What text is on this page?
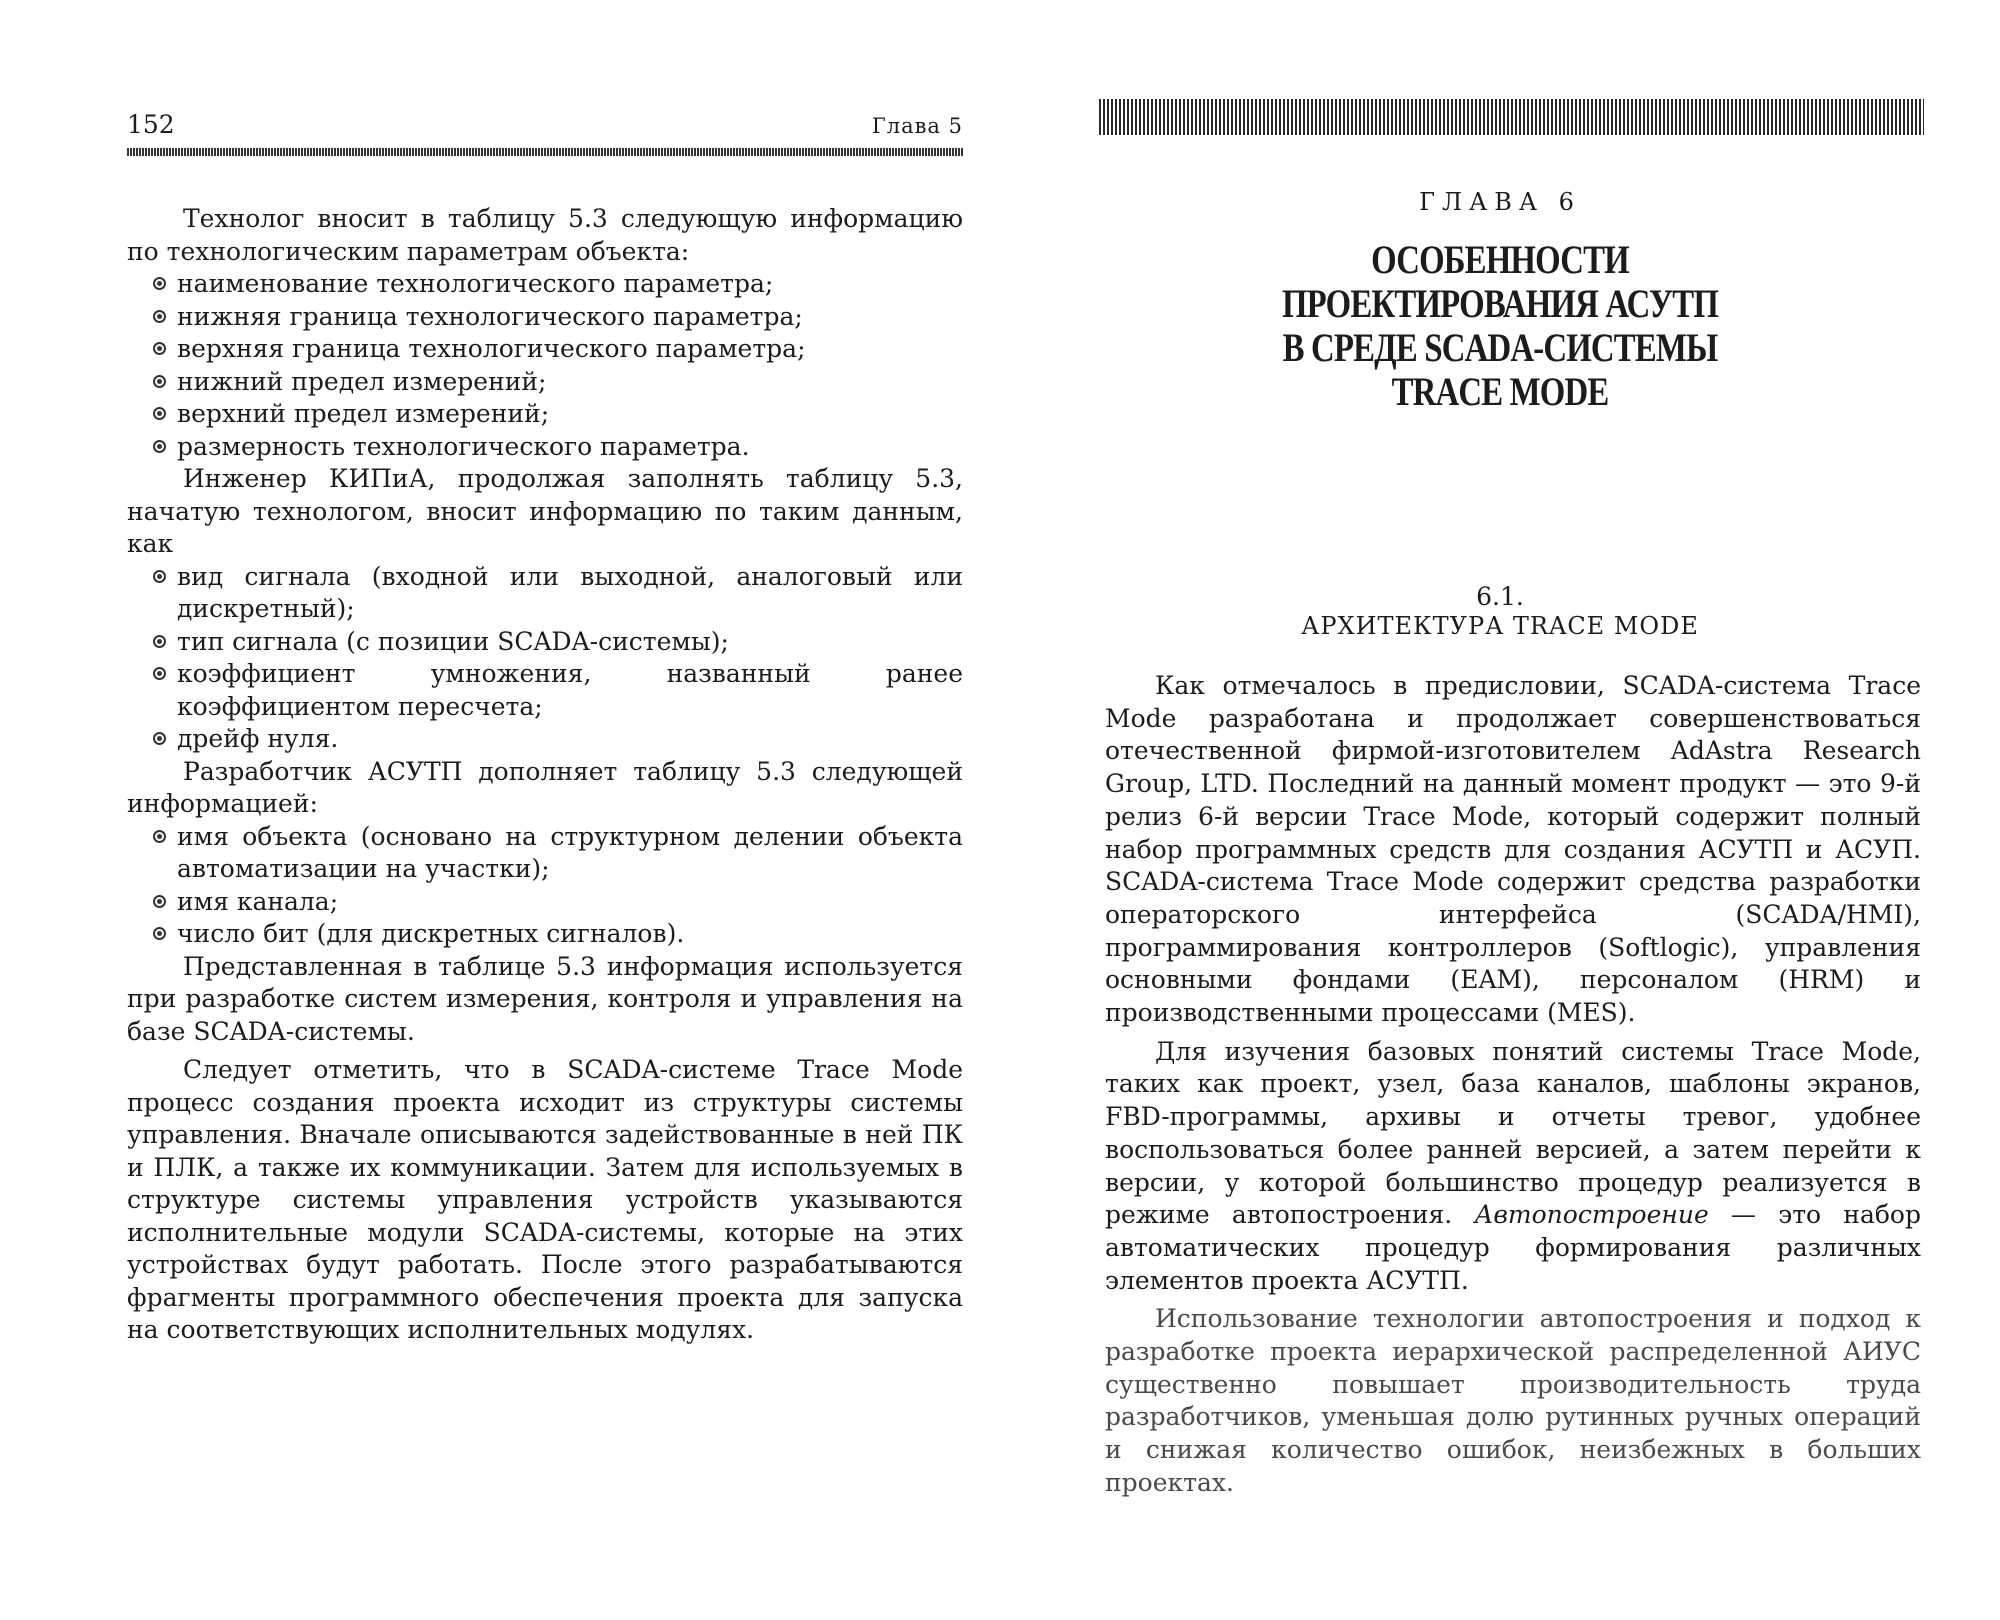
152	Глава 5

Технолог вносит в таблицу 5.3 следующую информацию по технологическим параметрам объекта:

наименование технологического параметра;
нижняя граница технологического параметра;
верхняя граница технологического параметра;
нижний предел измерений;
верхний предел измерений;
размерность технологического параметра.

Инженер КИПиА, продолжая заполнять таблицу 5.3, начатую технологом, вносит информацию по таким данным, как

вид сигнала (входной или выходной, аналоговый или дискретный);
тип сигнала (с позиции SCADA-системы);
коэффициент умножения, названный ранее коэффициентом пересчета;
дрейф нуля.

Разработчик АСУТП дополняет таблицу 5.3 следующей информацией:

имя объекта (основано на структурном делении объекта автоматизации на участки);
имя канала;
число бит (для дискретных сигналов).

Представленная в таблице 5.3 информация используется при разработке систем измерения, контроля и управления на базе SCADA-системы.

Следует отметить, что в SCADA-системе Trace Mode процесс создания проекта исходит из структуры системы управления. Вначале описываются задействованные в ней ПК и ПЛК, а также их коммуникации. Затем для используемых в структуре системы управления устройств указываются исполнительные модули SCADA-системы, которые на этих устройствах будут работать. После этого разрабатываются фрагменты программного обеспечения проекта для запуска на соответствующих исполнительных модулях.

ГЛАВА 6
ОСОБЕННОСТИ
ПРОЕКТИРОВАНИЯ АСУТП
В СРЕДЕ SCADA-СИСТЕМЫ
TRACE MODE
6.1.
АРХИТЕКТУРА TRACE MODE

Как отмечалось в предисловии, SCADA-система Trace Mode разработана и продолжает совершенствоваться отечественной фирмой-изготовителем AdAstra Research Group, LTD. Последний на данный момент продукт — это 9-й релиз 6-й версии Trace Mode, который содержит полный набор программных средств для создания АСУТП и АСУП. SCADA-система Trace Mode содержит средства разработки операторского интерфейса (SCADA/HMI), программирования контроллеров (Softlogic), управления основными фондами (EAM), персоналом (HRM) и производственными процессами (MES).

Для изучения базовых понятий системы Trace Mode, таких как проект, узел, база каналов, шаблоны экранов, FBD-программы, архивы и отчеты тревог, удобнее воспользоваться более ранней версией, а затем перейти к версии, у которой большинство процедур реализуется в режиме автопостроения. Автопостроение — это набор автоматических процедур формирования различных элементов проекта АСУТП.

Использование технологии автопостроения и подход к разработке проекта иерархической распределенной АИУС существенно повышает производительность труда разработчиков, уменьшая долю рутинных ручных операций и снижая количество ошибок, неизбежных в больших проектах.
